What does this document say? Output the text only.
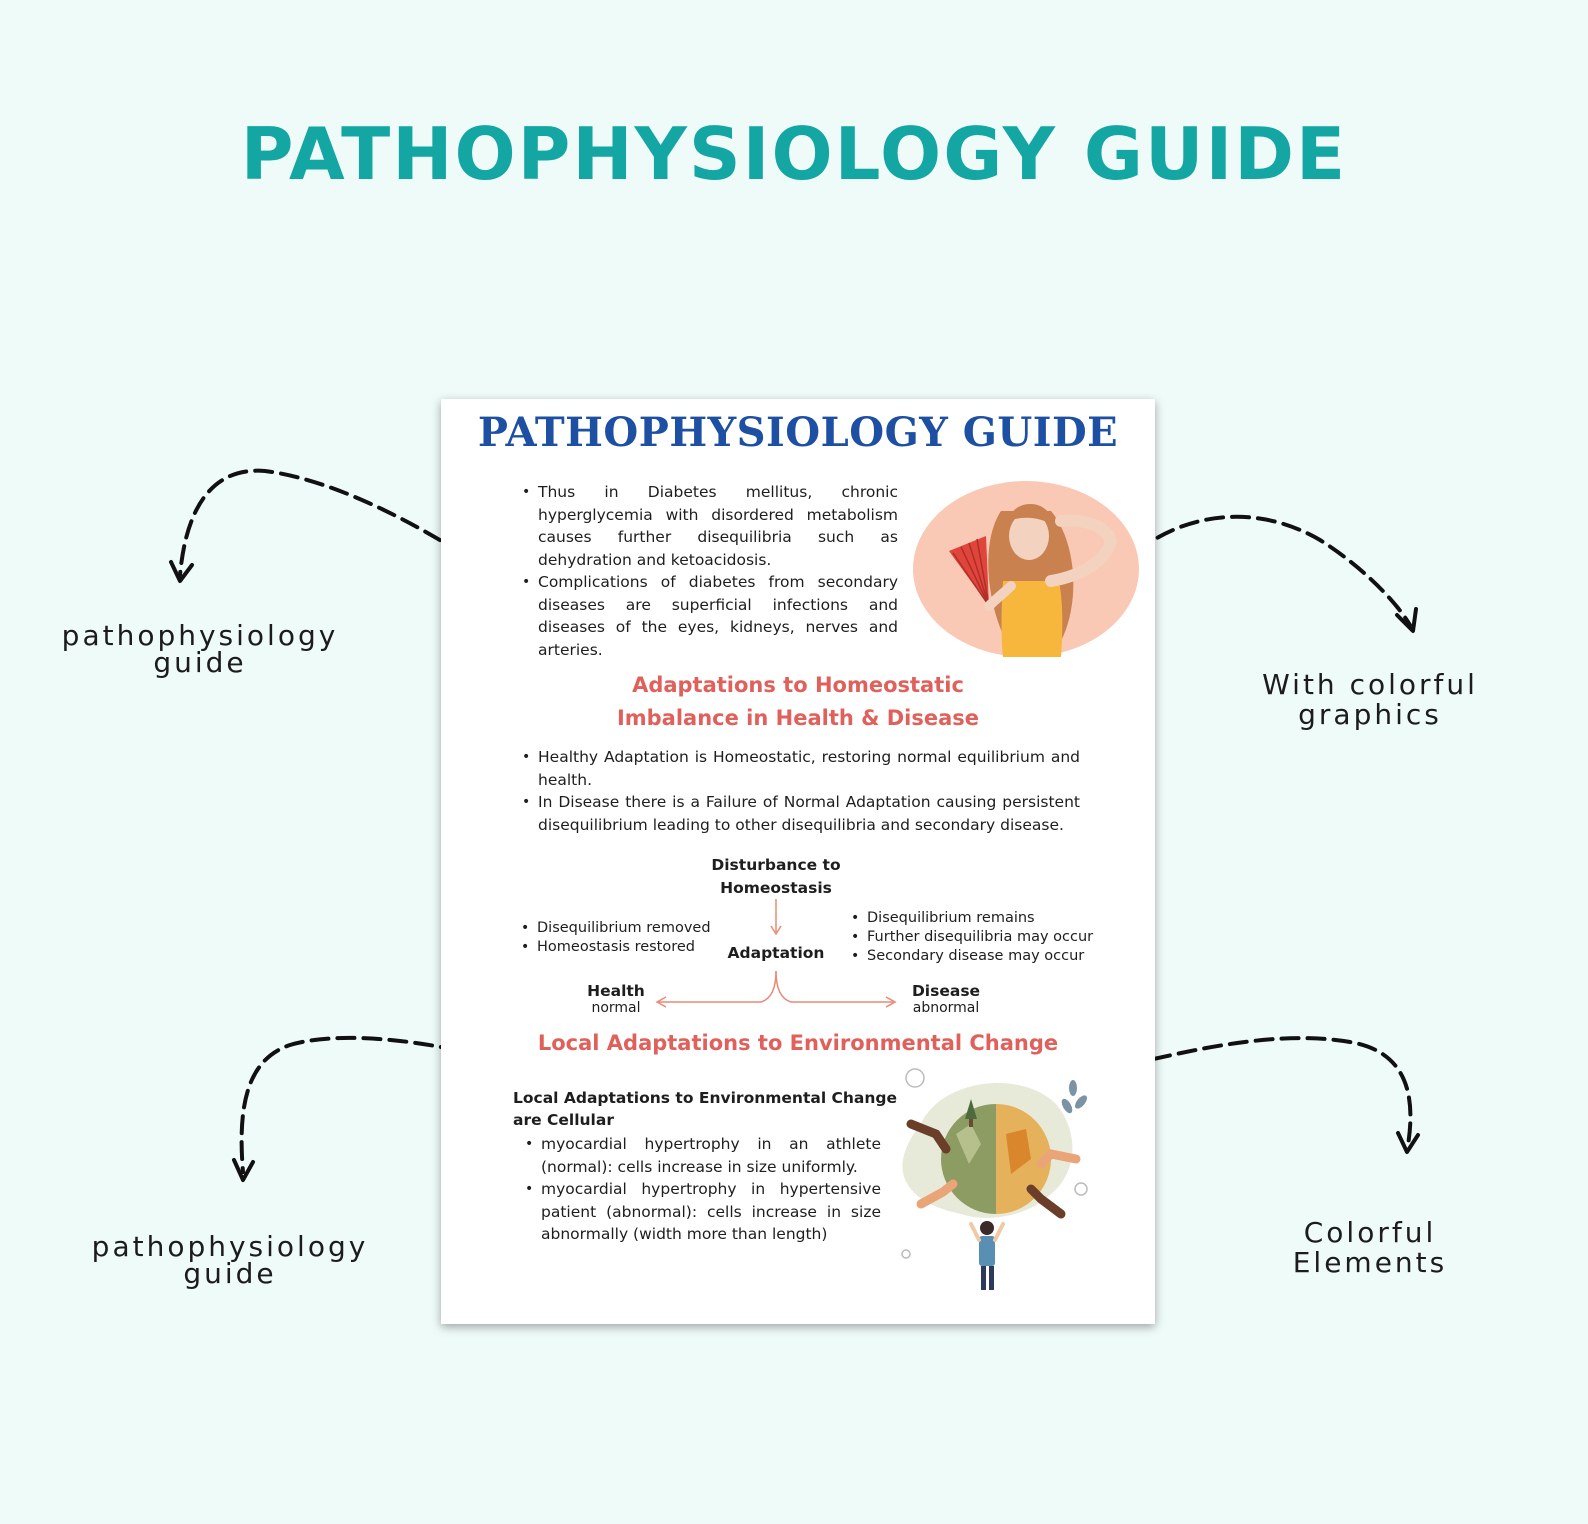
PATHOPHYSIOLOGY GUIDE
pathophysiology
guide
With colorful
graphics
pathophysiology
guide
Colorful
Elements
PATHOPHYSIOLOGY GUIDE
• Thus in Diabetes mellitus, chronic hyperglycemia with disordered metabolism causes further disequilibria such as dehydration and ketoacidosis.
• Complications of diabetes from secondary diseases are superficial infections and diseases of the eyes, kidneys, nerves and arteries.
Adaptations to Homeostatic
Imbalance in Health & Disease
• Healthy Adaptation is Homeostatic, restoring normal equilibrium and health.
• In Disease there is a Failure of Normal Adaptation causing persistent disequilibrium leading to other disequilibria and secondary disease.
Disturbance to
Homeostasis
Adaptation
• Disequilibrium removed
• Homeostasis restored
• Disequilibrium remains
• Further disequilibria may occur
• Secondary disease may occur
Health
normal
Disease
abnormal
Local Adaptations to Environmental Change
Local Adaptations to Environmental Change
are Cellular
• myocardial hypertrophy in an athlete (normal): cells increase in size uniformly.
• myocardial hypertrophy in hypertensive patient (abnormal): cells increase in size abnormally (width more than length)
